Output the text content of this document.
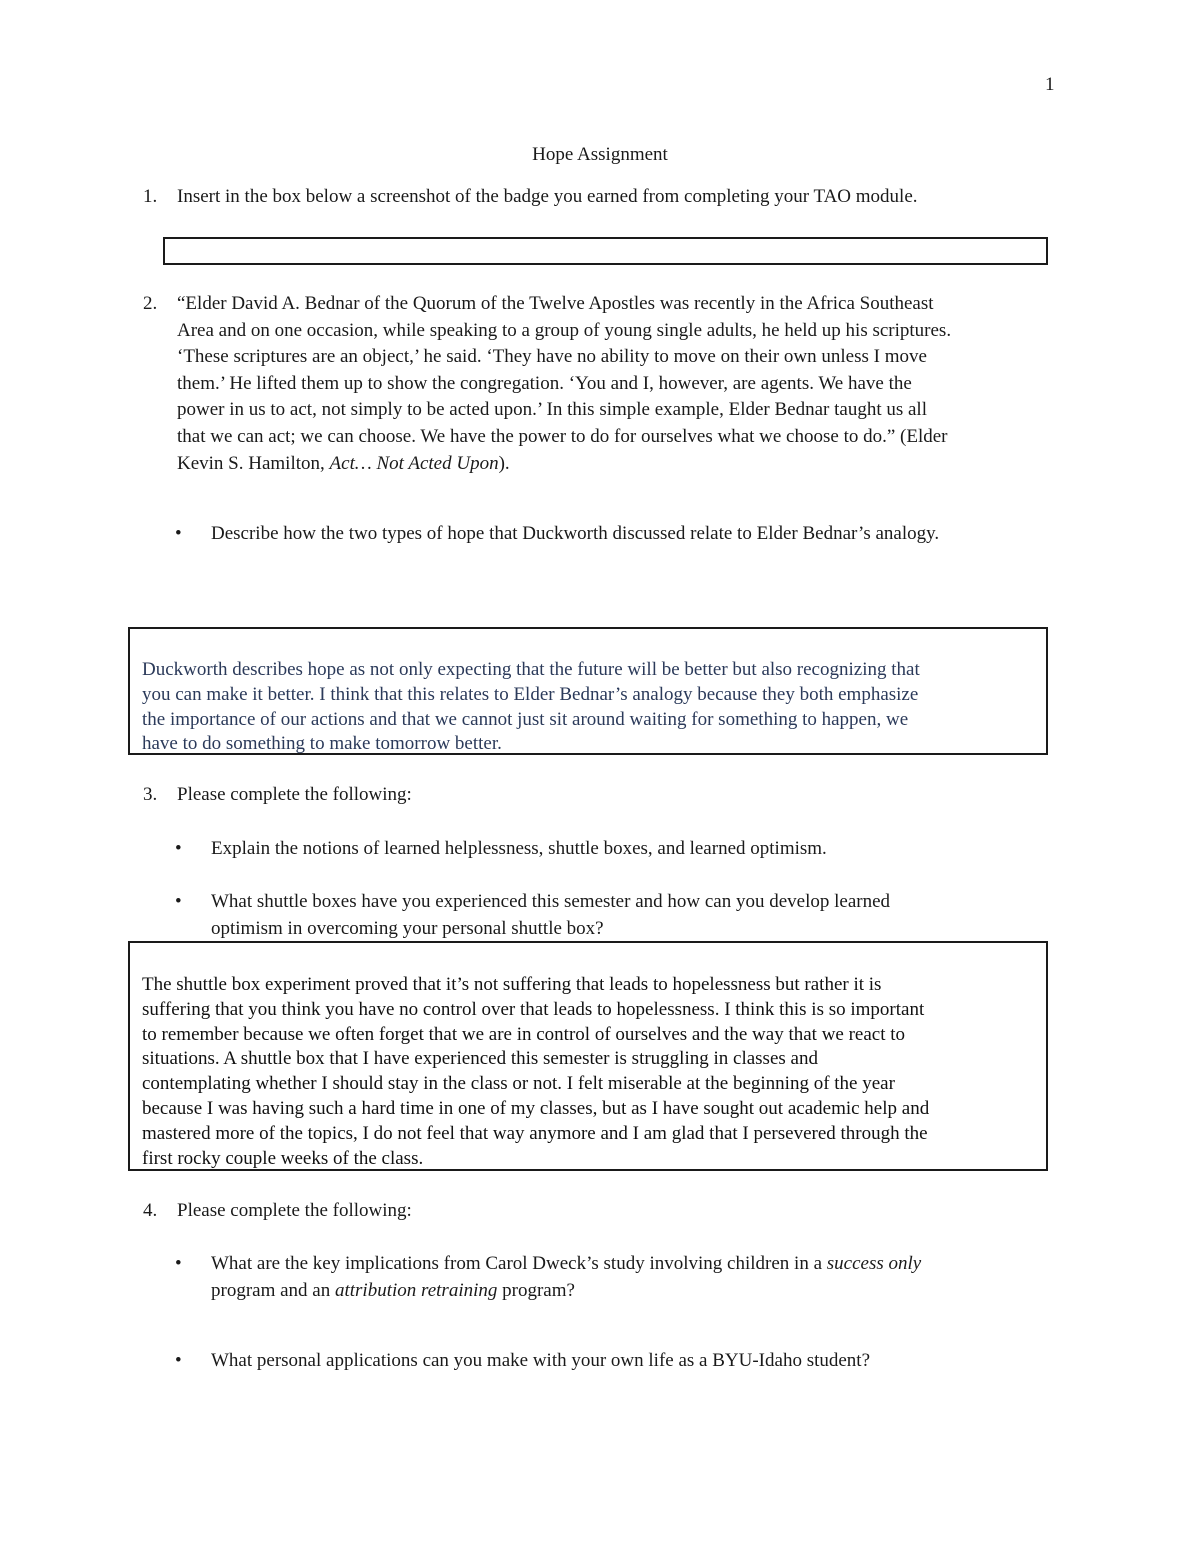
1
Hope Assignment
1.	Insert in the box below a screenshot of the badge you earned from completing your TAO module.
2.	“Elder David A. Bednar of the Quorum of the Twelve Apostles was recently in the Africa Southeast

Area and on one occasion, while speaking to a group of young single adults, he held up his scriptures.

‘These scriptures are an object,’ he said. ‘They have no ability to move on their own unless I move

them.’ He lifted them up to show the congregation. ‘You and I, however, are agents. We have the

power in us to act, not simply to be acted upon.’ In this simple example, Elder Bednar taught us all

that we can act; we can choose. We have the power to do for ourselves what we choose to do.” (Elder

Kevin S. Hamilton, Act… Not Acted Upon).

• Describe how the two types of hope that Duckworth discussed relate to Elder Bednar’s analogy.

Duckworth describes hope as not only expecting that the future will be better but also recognizing that

you can make it better. I think that this relates to Elder Bednar’s analogy because they both emphasize

the importance of our actions and that we cannot just sit around waiting for something to happen, we

have to do something to make tomorrow better.

3.	Please complete the following:
• Explain the notions of learned helplessness, shuttle boxes, and learned optimism.
• What shuttle boxes have you experienced this semester and how can you develop learned

optimism in overcoming your personal shuttle box?

The shuttle box experiment proved that it’s not suffering that leads to hopelessness but rather it is

suffering that you think you have no control over that leads to hopelessness. I think this is so important

to remember because we often forget that we are in control of ourselves and the way that we react to

situations. A shuttle box that I have experienced this semester is struggling in classes and

contemplating whether I should stay in the class or not. I felt miserable at the beginning of the year

because I was having such a hard time in one of my classes, but as I have sought out academic help and

mastered more of the topics, I do not feel that way anymore and I am glad that I persevered through the

first rocky couple weeks of the class.

4.	Please complete the following:
• What are the key implications from Carol Dweck’s study involving children in a success only

program and an attribution retraining program?

• What personal applications can you make with your own life as a BYU-Idaho student?
